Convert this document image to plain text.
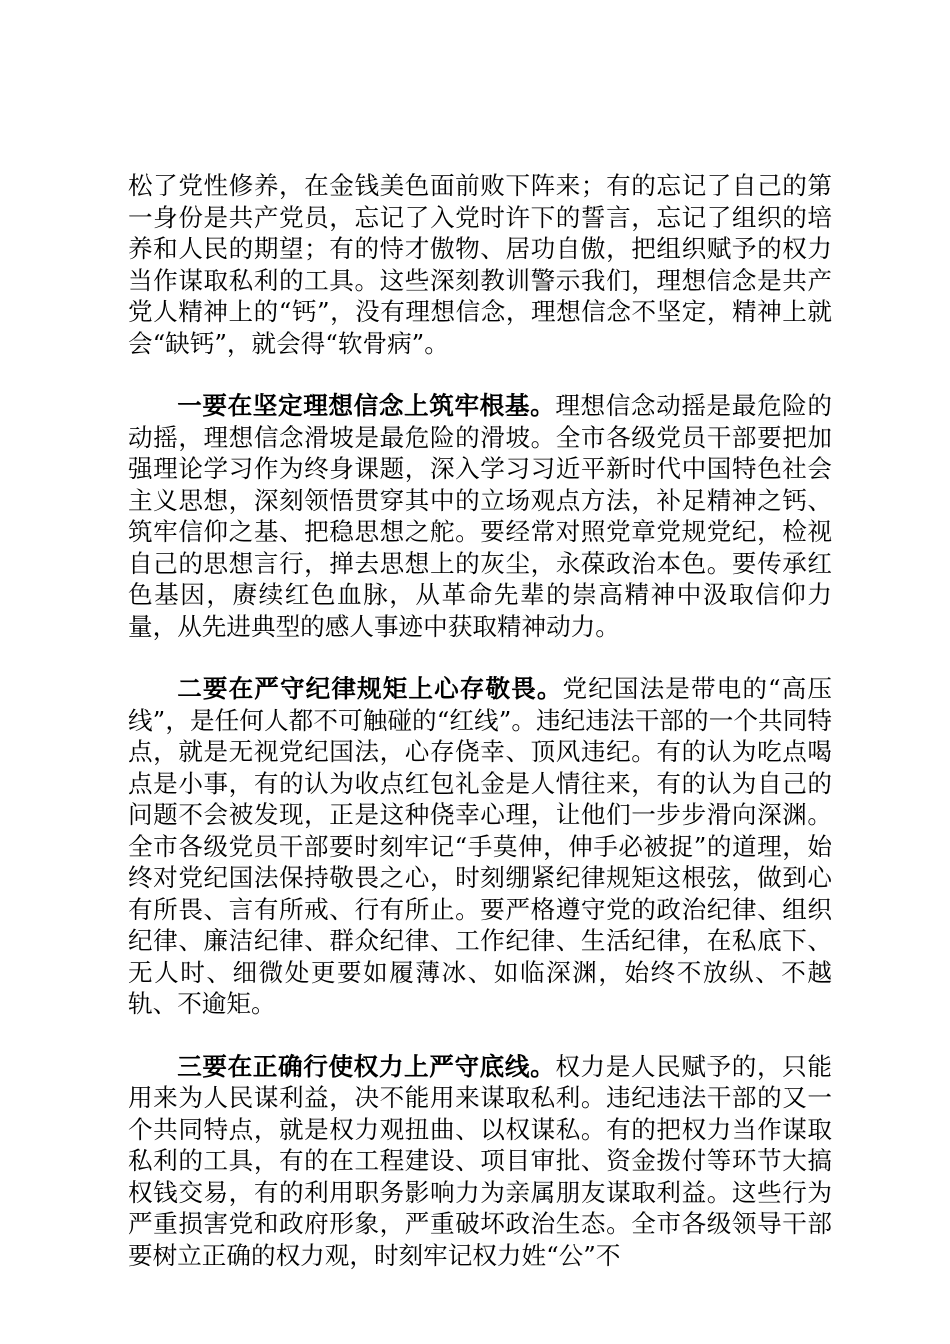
松了党性修养，在金钱美色面前败下阵来；有的忘记了自己的第一身份是共产党员，忘记了入党时许下的誓言，忘记了组织的培养和人民的期望；有的恃才傲物、居功自傲，把组织赋予的权力当作谋取私利的工具。这些深刻教训警示我们，理想信念是共产党人精神上的“钙”，没有理想信念，理想信念不坚定，精神上就会“缺钙”，就会得“软骨病”。

一要在坚定理想信念上筑牢根基。理想信念动摇是最危险的动摇，理想信念滑坡是最危险的滑坡。全市各级党员干部要把加强理论学习作为终身课题，深入学习习近平新时代中国特色社会主义思想，深刻领悟贯穿其中的立场观点方法，补足精神之钙、筑牢信仰之基、把稳思想之舵。要经常对照党章党规党纪，检视自己的思想言行，掸去思想上的灰尘，永葆政治本色。要传承红色基因，赓续红色血脉，从革命先辈的崇高精神中汲取信仰力量，从先进典型的感人事迹中获取精神动力。

二要在严守纪律规矩上心存敬畏。党纪国法是带电的“高压线”，是任何人都不可触碰的“红线”。违纪违法干部的一个共同特点，就是无视党纪国法，心存侥幸、顶风违纪。有的认为吃点喝点是小事，有的认为收点红包礼金是人情往来，有的认为自己的问题不会被发现，正是这种侥幸心理，让他们一步步滑向深渊。全市各级党员干部要时刻牢记“手莫伸，伸手必被捉”的道理，始终对党纪国法保持敬畏之心，时刻绷紧纪律规矩这根弦，做到心有所畏、言有所戒、行有所止。要严格遵守党的政治纪律、组织纪律、廉洁纪律、群众纪律、工作纪律、生活纪律，在私底下、无人时、细微处更要如履薄冰、如临深渊，始终不放纵、不越轨、不逾矩。

三要在正确行使权力上严守底线。权力是人民赋予的，只能用来为人民谋利益，决不能用来谋取私利。违纪违法干部的又一个共同特点，就是权力观扭曲、以权谋私。有的把权力当作谋取私利的工具，有的在工程建设、项目审批、资金拨付等环节大搞权钱交易，有的利用职务影响力为亲属朋友谋取利益。这些行为严重损害党和政府形象，严重破坏政治生态。全市各级领导干部要树立正确的权力观，时刻牢记权力姓“公”不
